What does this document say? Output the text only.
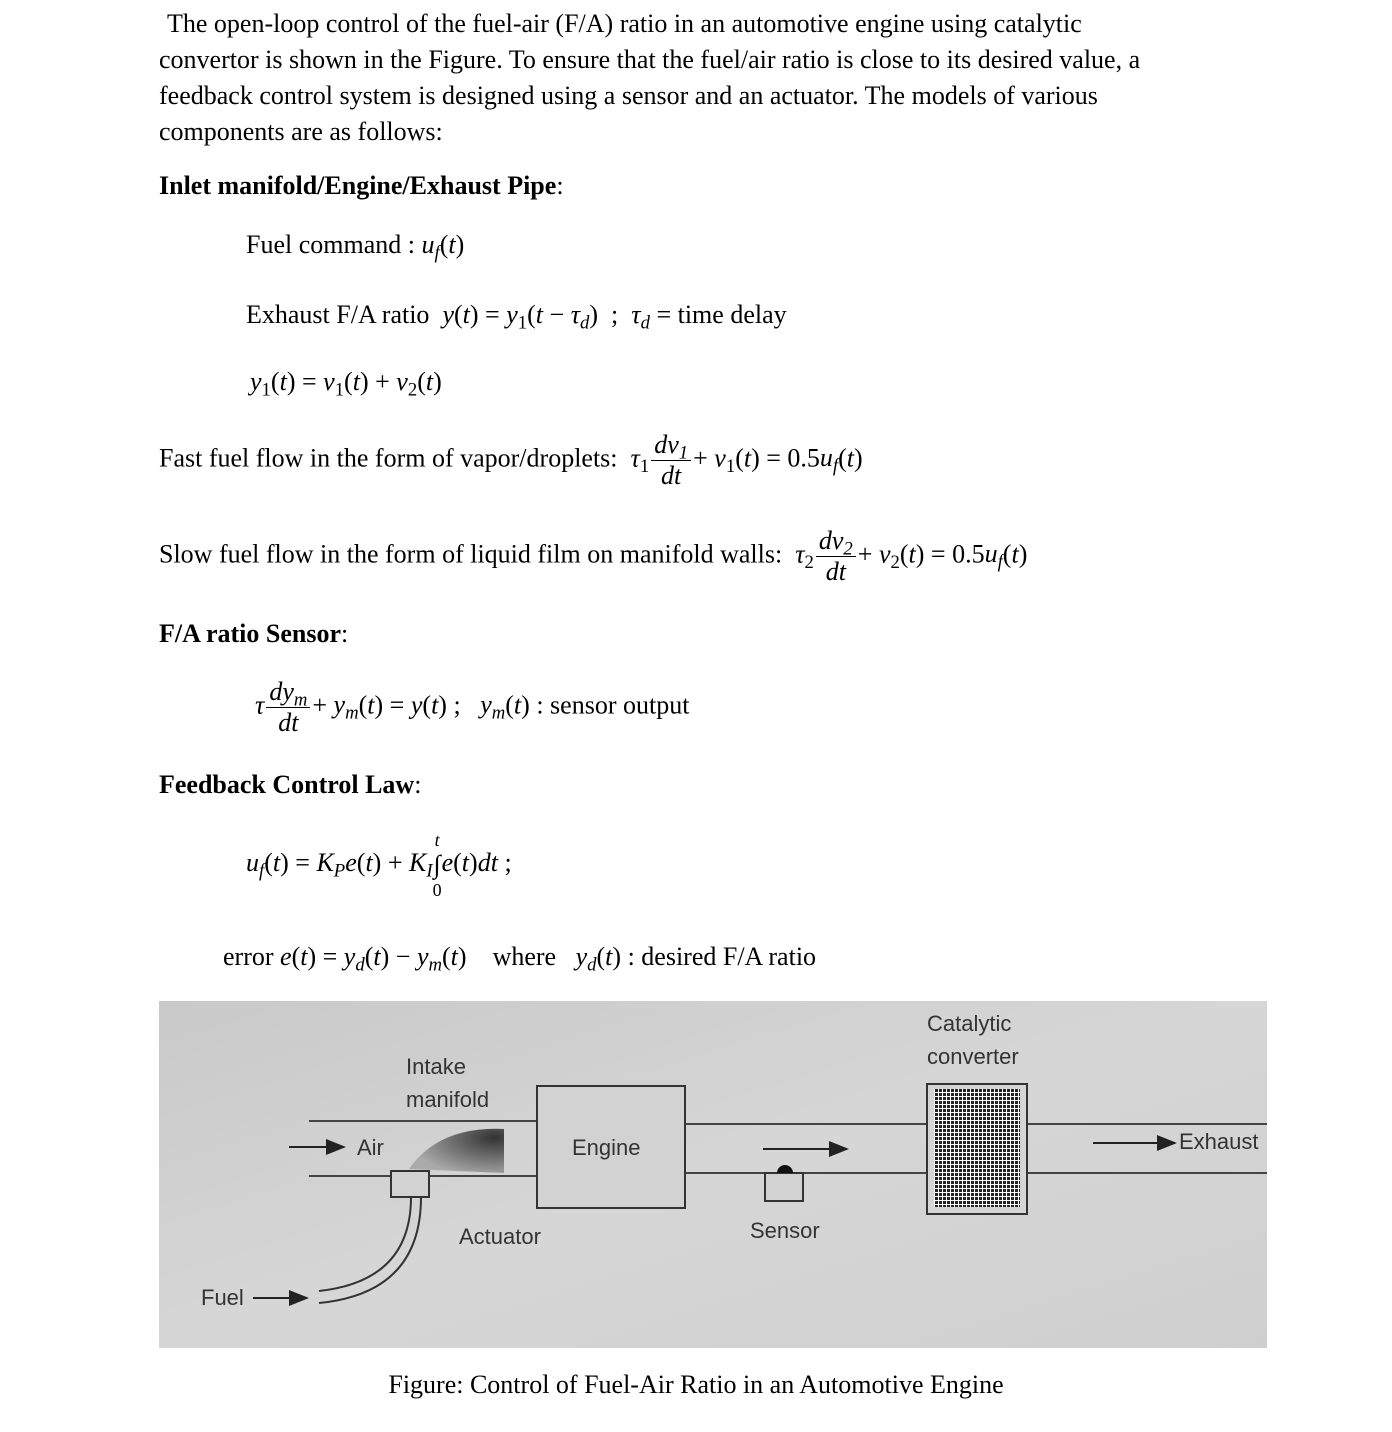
The open-loop control of the fuel-air (F/A) ratio in an automotive engine using catalytic
convertor is shown in the Figure. To ensure that the fuel/air ratio is close to its desired value, a
feedback control system is designed using a sensor and an actuator. The models of various
components are as follows:
Inlet manifold/Engine/Exhaust Pipe:
Fuel command : $u_f(t)$
Exhaust F/A ratio $y(t) = y_1(t - \tau_d)$  ;  $\tau_d$ = time delay
$y_1(t) = v_1(t) + v_2(t)$
Fast fuel flow in the form of vapor/droplets: $\tau_1 \frac{dv_1}{dt} + v_1(t) = 0.5u_f(t)$
Slow fuel flow in the form of liquid film on manifold walls: $\tau_2 \frac{dv_2}{dt} + v_2(t) = 0.5u_f(t)$
F/A ratio Sensor:
τ $\frac{dy_m}{dt} + y_m(t) = y(t)$ ;   $y_m(t)$ : sensor output
Feedback Control Law:
$u_f(t) = K_Pe(t) + K_I$
t
∫
0
e(t)dt ;
error $e(t) = y_d(t) - y_m(t)$    where $y_d(t)$ : desired F/A ratio
Intake
manifold
Air	Engine
Catalytic
converter
Exhaust
Actuator	Sensor
Fuel
Figure: Control of Fuel-Air Ratio in an Automotive Engine
